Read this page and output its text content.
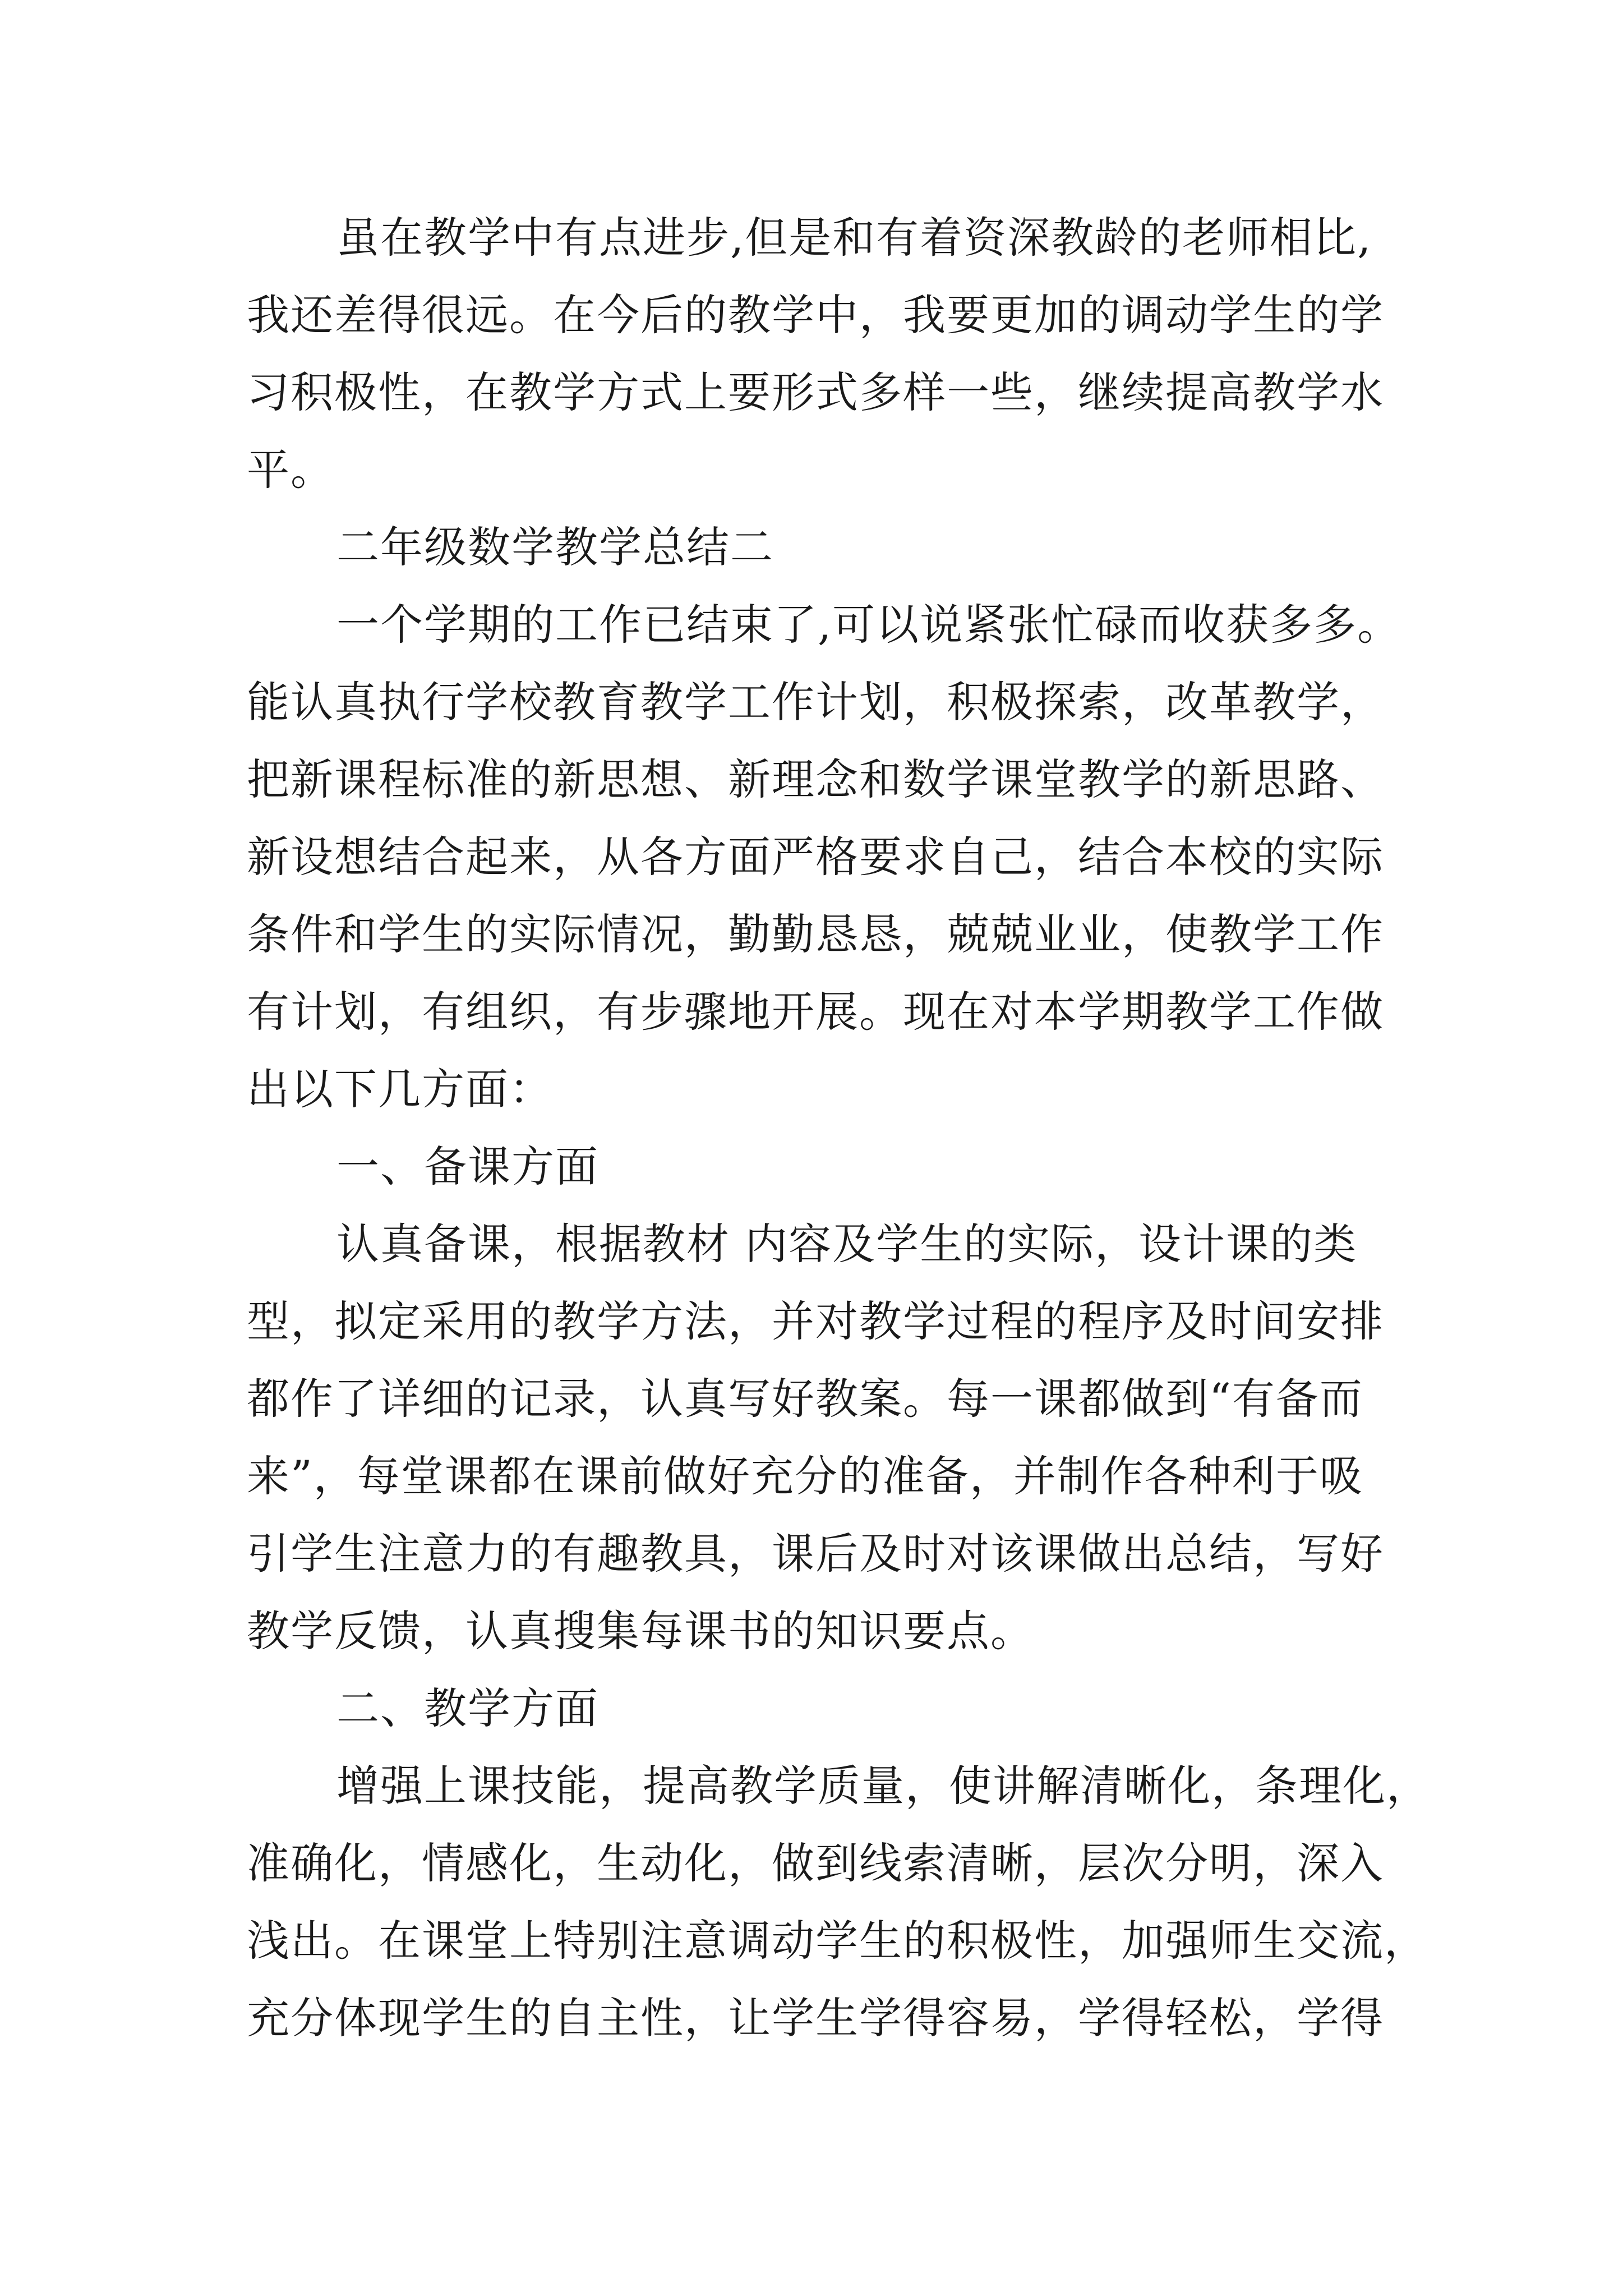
虽在教学中有点进步,但是和有着资深教龄的老师相比,
我还差得很远。在今后的教学中，我要更加的调动学生的学
习积极性，在教学方式上要形式多样一些，继续提高教学水
平。
二年级数学教学总结二
一个学期的工作已结束了,可以说紧张忙碌而收获多多。
能认真执行学校教育教学工作计划，积极探索，改革教学，
把新课程标准的新思想、新理念和数学课堂教学的新思路、
新设想结合起来，从各方面严格要求自己，结合本校的实际
条件和学生的实际情况，勤勤恳恳，兢兢业业，使教学工作
有计划，有组织，有步骤地开展。现在对本学期教学工作做
出以下几方面：
一、备课方面
认真备课，根据教材 内容及学生的实际，设计课的类
型，拟定采用的教学方法，并对教学过程的程序及时间安排
都作了详细的记录，认真写好教案。每一课都做到“有备而
来”，每堂课都在课前做好充分的准备，并制作各种利于吸
引学生注意力的有趣教具，课后及时对该课做出总结，写好
教学反馈，认真搜集每课书的知识要点。
二、教学方面
增强上课技能，提高教学质量，使讲解清晰化，条理化，
准确化，情感化，生动化，做到线索清晰，层次分明，深入
浅出。在课堂上特别注意调动学生的积极性，加强师生交流，
充分体现学生的自主性，让学生学得容易，学得轻松，学得
